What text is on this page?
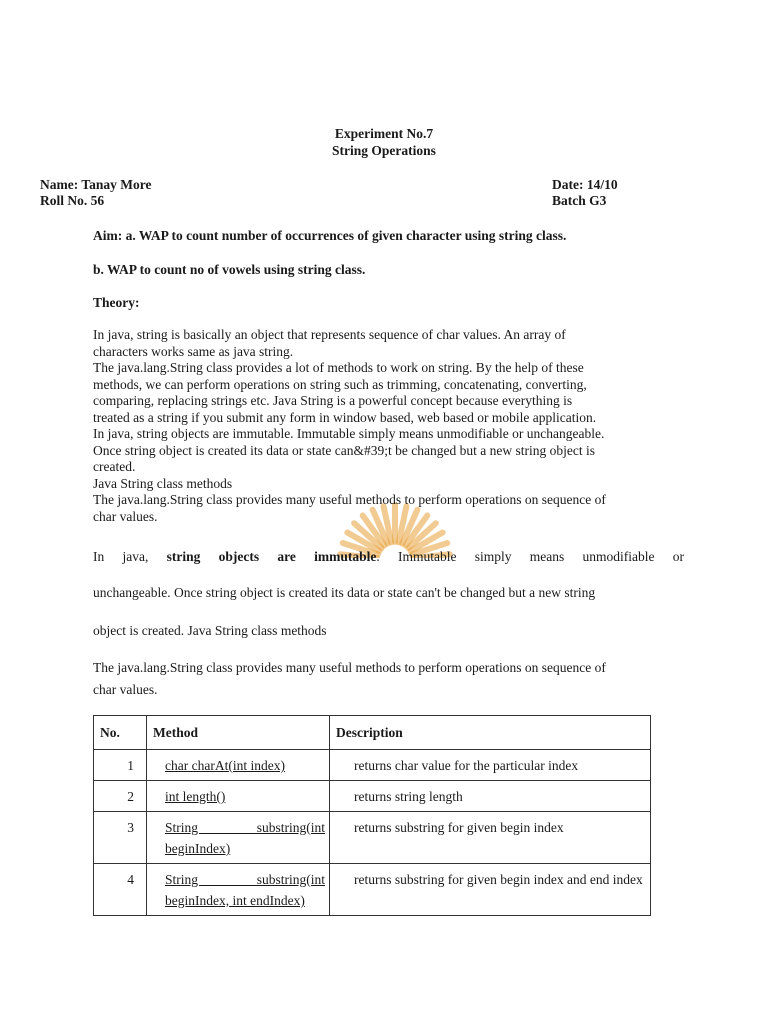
Experiment No.7
String Operations
Name: Tanay More
Roll No. 56
Date: 14/10
Batch G3
Aim: a. WAP to count number of occurrences of given character using string class.
b. WAP to count no of vowels using string class.
Theory:
In java, string is basically an object that represents sequence of char values. An array of
characters works same as java string.
The java.lang.String class provides a lot of methods to work on string. By the help of these
methods, we can perform operations on string such as trimming, concatenating, converting,
comparing, replacing strings etc. Java String is a powerful concept because everything is
treated as a string if you submit any form in window based, web based or mobile application.
In java, string objects are immutable. Immutable simply means unmodifiable or unchangeable.
Once string object is created its data or state can&#39;t be changed but a new string object is
created.
Java String class methods
The java.lang.String class provides many useful methods to perform operations on sequence of
char values.
In java, string objects are immutable. Immutable simply means unmodifiable or
unchangeable. Once string object is created its data or state can't be changed but a new string
object is created. Java String class methods
The java.lang.String class provides many useful methods to perform operations on sequence of
char values.
No.	Method	Description
1	char charAt(int index)	returns char value for the particular index
2	int length()	returns string length
3	String substring(int beginIndex)	returns substring for given begin index
4	String substring(int beginIndex, int endIndex)	returns substring for given begin index and end index
